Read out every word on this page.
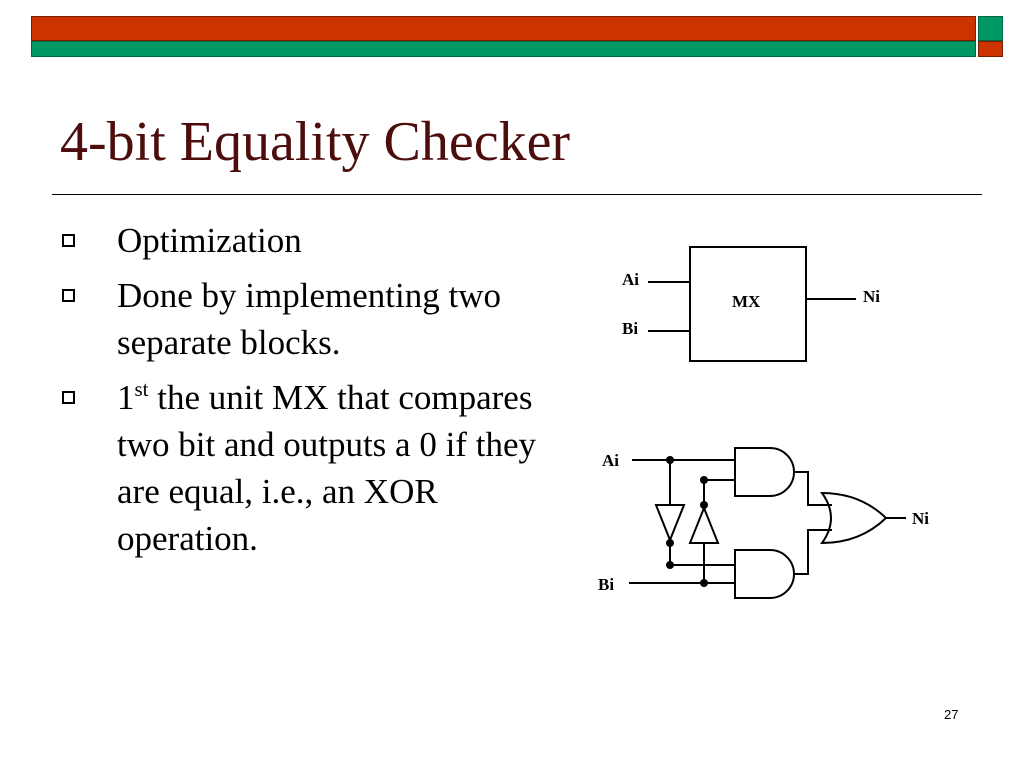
4-bit Equality Checker
Optimization
Done by implementing two separate blocks.
1st the unit MX that compares two bit and outputs a 0 if they are equal, i.e., an XOR operation.
Ai
Bi
MX	Ni
Ai
Bi
Ni
27
